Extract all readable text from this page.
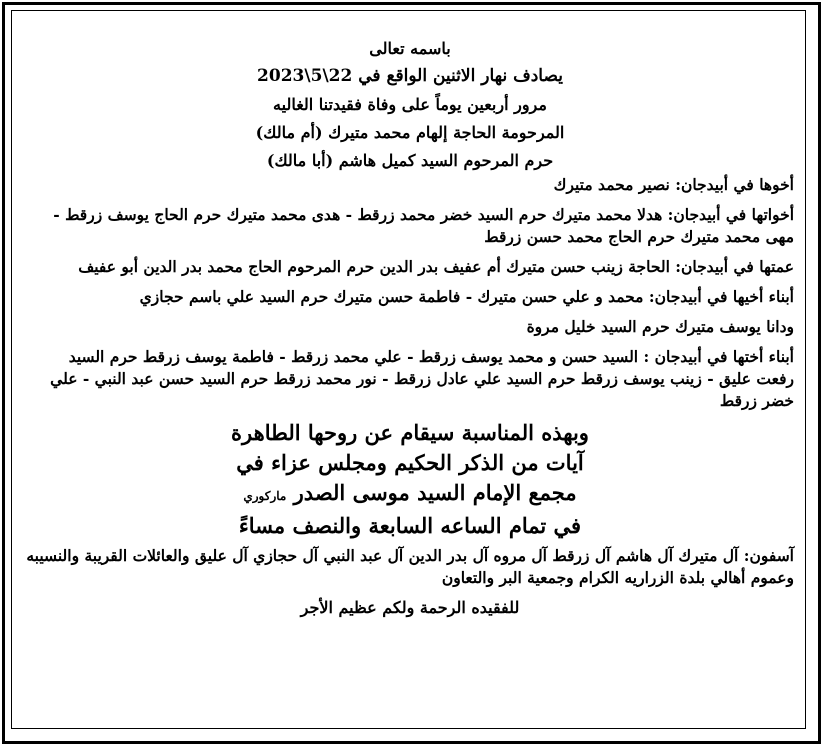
باسمه تعالى
يصادف نهار الاثنين الواقع في 22\5\2023
مرور أربعين يوماً على وفاة فقيدتنا الغاليه
المرحومة الحاجة إلهام محمد متيرك (أم مالك)
حرم المرحوم السيد كميل هاشم (أبا مالك)
أخوها في أبيدجان: نصير محمد متيرك
أخواتها في أبيدجان: هدلا محمد متيرك حرم السيد خضر محمد زرقط - هدى محمد متيرك حرم الحاج يوسف زرقط - مهى محمد متيرك حرم الحاج محمد حسن زرقط
عمتها في أبيدجان: الحاجة زينب حسن متيرك أم عفيف بدر الدين حرم المرحوم الحاج محمد بدر الدين أبو عفيف
أبناء أخيها في أبيدجان: محمد و علي حسن متيرك - فاطمة حسن متيرك حرم السيد علي باسم حجازي
ودانا يوسف متيرك حرم السيد خليل مروة
أبناء أختها في أبيدجان : السيد حسن و محمد يوسف زرقط - علي محمد زرقط - فاطمة يوسف زرقط حرم السيد رفعت عليق - زينب يوسف زرقط حرم السيد علي عادل زرقط - نور محمد زرقط حرم السيد حسن عبد النبي - علي خضر زرقط
وبهذه المناسبة سيقام عن روحها الطاهرة
آيات من الذكر الحكيم ومجلس عزاء في
مجمع الإمام السيد موسى الصدر ماركوري
في تمام الساعه السابعة والنصف مساءً
آسفون: آل متيرك آل هاشم آل زرقط آل مروه آل بدر الدين آل عبد النبي آل حجازي آل عليق والعائلات القريبة والنسيبه وعموم أهالي بلدة الزراريه الكرام وجمعية البر والتعاون
للفقيده الرحمة ولكم عظيم الأجر
